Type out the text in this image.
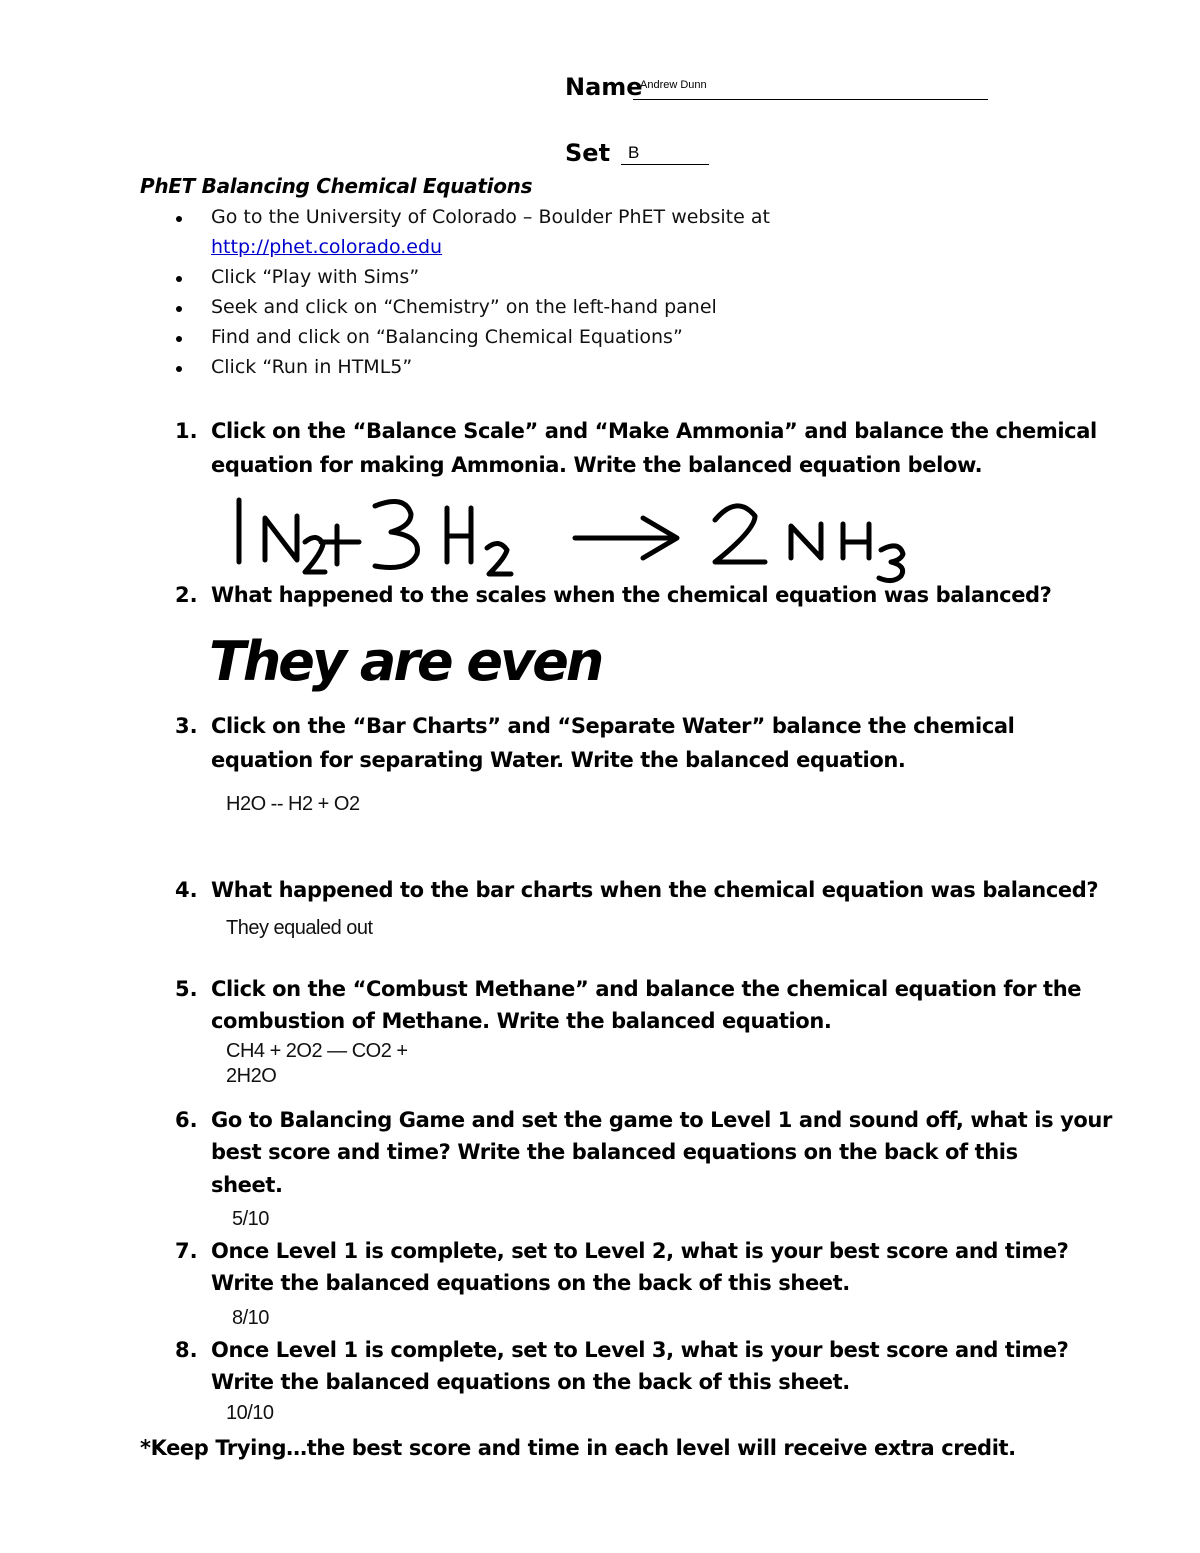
Name
Andrew Dunn
Set B
PhET Balancing Chemical Equations
Go to the University of Colorado – Boulder PhET website at
http://phet.colorado.edu
Click “Play with Sims”
Seek and click on “Chemistry” on the left-hand panel
Find and click on “Balancing Chemical Equations”
Click “Run in HTML5”
1. Click on the “Balance Scale” and “Make Ammonia” and balance the chemical
equation for making Ammonia. Write the balanced equation below.
1N2+3H2 → 2NH3
2. What happened to the scales when the chemical equation was balanced?
They are even
3. Click on the “Bar Charts” and “Separate Water” balance the chemical
equation for separating Water. Write the balanced equation.
H2O -- H2 + O2
4. What happened to the bar charts when the chemical equation was balanced?
They equaled out
5. Click on the “Combust Methane” and balance the chemical equation for the
combustion of Methane. Write the balanced equation.
CH4 + 2O2 — CO2 +
2H2O
6. Go to Balancing Game and set the game to Level 1 and sound off, what is your
best score and time? Write the balanced equations on the back of this
sheet.
5/10
7. Once Level 1 is complete, set to Level 2, what is your best score and time?
Write the balanced equations on the back of this sheet.
8/10
8. Once Level 1 is complete, set to Level 3, what is your best score and time?
Write the balanced equations on the back of this sheet.
10/10
*Keep Trying…the best score and time in each level will receive extra credit.
